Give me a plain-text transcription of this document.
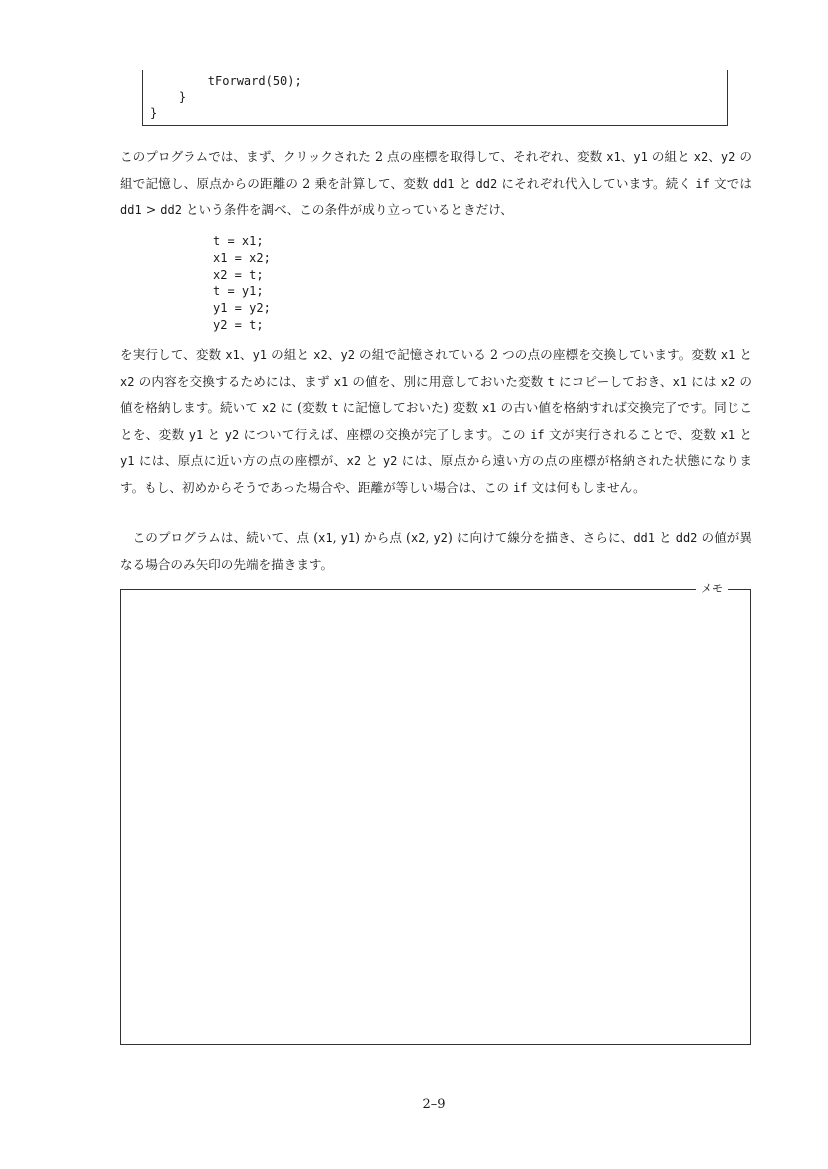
tForward(50);
}
}
このプログラムでは、まず、クリックされた 2 点の座標を取得して、それぞれ、変数 x1、y1 の組と x2、y2 の組で記憶し、原点からの距離の 2 乗を計算して、変数 dd1 と dd2 にそれぞれ代入しています。続く if 文では dd1 > dd2 という条件を調べ、この条件が成り立っているときだけ、
t = x1;
x1 = x2;
x2 = t;
t = y1;
y1 = y2;
y2 = t;
を実行して、変数 x1、y1 の組と x2、y2 の組で記憶されている 2 つの点の座標を交換しています。変数 x1 と x2 の内容を交換するためには、まず x1 の値を、別に用意しておいた変数 t にコピーしておき、x1 には x2 の値を格納します。続いて x2 に (変数 t に記憶しておいた) 変数 x1 の古い値を格納すれば交換完了です。同じことを、変数 y1 と y2 について行えば、座標の交換が完了します。この if 文が実行されることで、変数 x1 と y1 には、原点に近い方の点の座標が、x2 と y2 には、原点から遠い方の点の座標が格納された状態になります。もし、初めからそうであった場合や、距離が等しい場合は、この if 文は何もしません。
このプログラムは、続いて、点 (x1, y1) から点 (x2, y2) に向けて線分を描き、さらに、dd1 と dd2 の値が異なる場合のみ矢印の先端を描きます。
メモ
2–9
